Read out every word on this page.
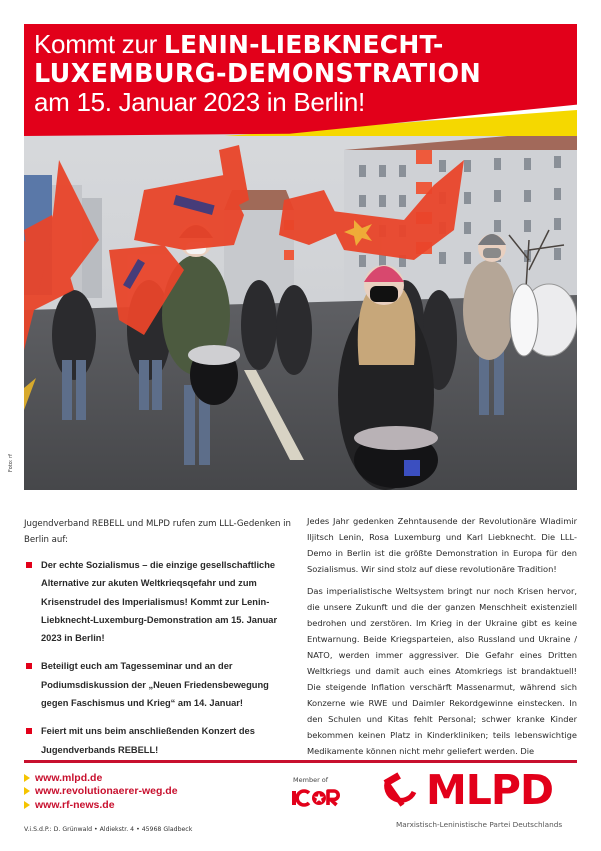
Kommt zur LENIN-LIEBKNECHT-
LUXEMBURG-DEMONSTRATION
am 15. Januar 2023 in Berlin!
Foto: rf

Jugendverband REBELL und MLPD rufen zum LLL-Gedenken in Berlin auf:

Der echte Sozialismus – die einzige gesellschaftliche Alternative zur akuten Weltkrieqsqefahr und zum Krisenstrudel des Imperialismus! Kommt zur Lenin-Liebknecht-Luxemburg-Demonstration am 15. Januar 2023 in Berlin!
Beteiligt euch am Tagesseminar und an der Podiumsdiskussion der „Neuen Friedensbewegung gegen Faschismus und Krieg“ am 14. Januar!
Feiert mit uns beim anschließenden Konzert des Jugendverbands REBELL!

Jedes Jahr gedenken Zehntausende der Revolutionäre Wladimir Iljitsch Lenin, Rosa Luxemburg und Karl Liebknecht. Die LLL-Demo in Berlin ist die größte Demonstration in Europa für den Sozialismus. Wir sind stolz auf diese revolutionäre Tradition!

Das imperialistische Weltsystem bringt nur noch Krisen hervor, die unsere Zukunft und die der ganzen Menschheit existenziell bedrohen und zerstören. Im Krieg in der Ukraine gibt es keine Entwarnung. Beide Kriegsparteien, also Russland und Ukraine / NATO, werden immer aggressiver. Die Gefahr eines Dritten Weltkriegs und damit auch eines Atomkriegs ist brandaktuell! Die steigende Inflation verschärft Massenarmut, während sich Konzerne wie RWE und Daimler Rekordgewinne einstecken. In den Schulen und Kitas fehlt Personal; schwer kranke Kinder bekommen keinen Platz in Kinderkliniken; teils lebenswichtige Medikamente können nicht mehr geliefert werden. Die

www.mlpd.de
www.revolutionaerer-weg.de
www.rf-news.de
V.i.S.d.P.: D. Grünwald • Aldiekstr. 4 • 45968 Gladbeck
Member of	MLPD
Marxistisch-Leninistische Partei Deutschlands
